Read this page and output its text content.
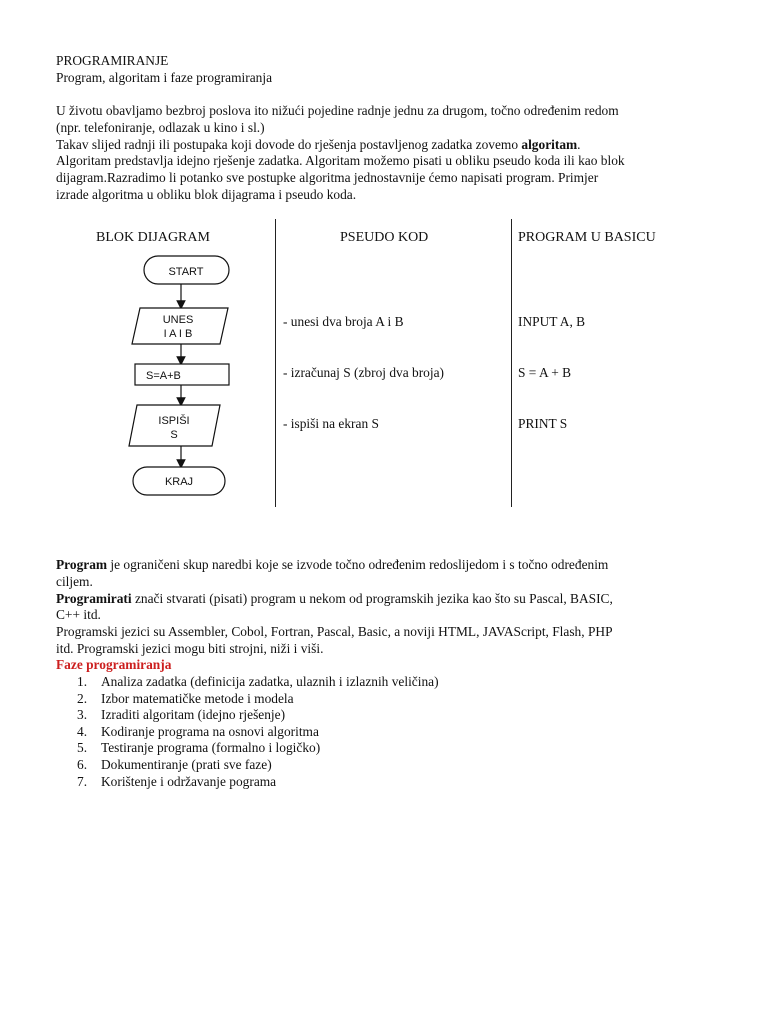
PROGRAMIRANJE

Program, algoritam i faze programiranja

U životu obavljamo bezbroj poslova ito nižući pojedine radnje jednu za drugom, točno određenim redom

(npr. telefoniranje, odlazak u kino i sl.)

Takav slijed radnji ili postupaka koji dovode do rješenja postavljenog zadatka zovemo algoritam.

Algoritam predstavlja idejno rješenje zadatka. Algoritam možemo pisati u obliku pseudo koda ili kao blok

dijagram.Razradimo li potanko sve postupke algoritma jednostavnije ćemo napisati program. Primjer

izrade algoritma u obliku blok dijagrama i pseudo koda.

BLOK DIJAGRAM	PSEUDO KOD	PROGRAM U BASICU
START
UNES
I A I B
S=A+B
ISPIŠI
S
KRAJ
- unesi dva broja A i B
- izračunaj S (zbroj dva broja)
- ispiši na ekran S
INPUT A, B
S = A + B
PRINT S

Program je ograničeni skup naredbi koje se izvode točno određenim redoslijedom i s točno određenim

ciljem.

Programirati znači stvarati (pisati) program u nekom od programskih jezika kao što su Pascal, BASIC,

C++ itd.

Programski jezici su Assembler, Cobol, Fortran, Pascal, Basic, a noviji HTML, JAVAScript, Flash, PHP

itd. Programski jezici mogu biti strojni, niži i viši.

Faze programiranja

1. Analiza zadatka (definicija zadatka, ulaznih i izlaznih veličina)
2. Izbor matematičke metode i modela
3. Izraditi algoritam (idejno rješenje)
4. Kodiranje programa na osnovi algoritma
5. Testiranje programa (formalno i logičko)
6. Dokumentiranje (prati sve faze)
7. Korištenje i održavanje pograma
